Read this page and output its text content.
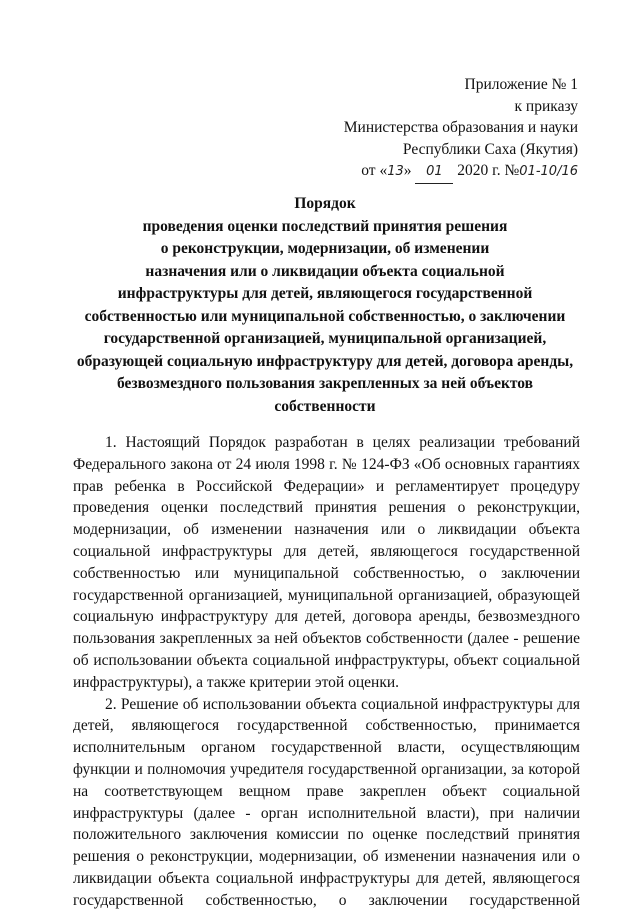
Приложение № 1
к приказу
Министерства образования и науки
Республики Саха (Якутия)
от «13» 01 2020 г. №01-10/16
Порядок
проведения оценки последствий принятия решения
о реконструкции, модернизации, об изменении
назначения или о ликвидации объекта социальной
инфраструктуры для детей, являющегося государственной
собственностью или муниципальной собственностью, о заключении
государственной организацией, муниципальной организацией,
образующей социальную инфраструктуру для детей, договора аренды,
безвозмездного пользования закрепленных за ней объектов
собственности
1. Настоящий Порядок разработан в целях реализации требований
Федерального закона от 24 июля 1998 г. № 124-ФЗ «Об основных гарантиях
прав ребенка в Российской Федерации» и регламентирует процедуру
проведения оценки последствий принятия решения о реконструкции,
модернизации, об изменении назначения или о ликвидации объекта
социальной инфраструктуры для детей, являющегося государственной
собственностью или муниципальной собственностью, о заключении
государственной организацией, муниципальной организацией, образующей
социальную инфраструктуру для детей, договора аренды, безвозмездного
пользования закрепленных за ней объектов собственности (далее - решение
об использовании объекта социальной инфраструктуры, объект социальной
инфраструктуры), а также критерии этой оценки.
2. Решение об использовании объекта социальной инфраструктуры для
детей, являющегося государственной собственностью, принимается
исполнительным органом государственной власти, осуществляющим
функции и полномочия учредителя государственной организации, за которой
на соответствующем вещном праве закреплен объект социальной
инфраструктуры (далее - орган исполнительной власти), при наличии
положительного заключения комиссии по оценке последствий принятия
решения о реконструкции, модернизации, об изменении назначения или о
ликвидации объекта социальной инфраструктуры для детей, являющегося
государственной собственностью, о заключении государственной
